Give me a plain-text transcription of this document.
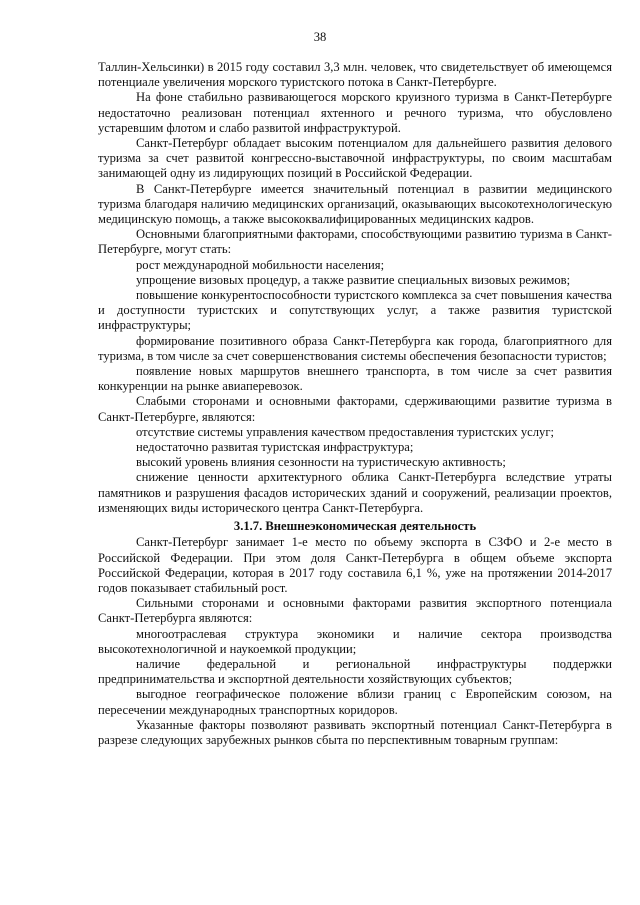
38

Таллин-Хельсинки) в 2015 году составил 3,3 млн. человек, что свидетельствует об имеющемся потенциале увеличения морского туристского потока в Санкт-Петербурге.

На фоне стабильно развивающегося морского круизного туризма в Санкт-Петербурге недостаточно реализован потенциал яхтенного и речного туризма, что обусловлено устаревшим флотом и слабо развитой инфраструктурой.

Санкт-Петербург обладает высоким потенциалом для дальнейшего развития делового туризма за счет развитой конгрессно-выставочной инфраструктуры, по своим масштабам занимающей одну из лидирующих позиций в Российской Федерации.

В Санкт-Петербурге имеется значительный потенциал в развитии медицинского туризма благодаря наличию медицинских организаций, оказывающих высокотехнологическую медицинскую помощь, а также высококвалифицированных медицинских кадров.

Основными благоприятными факторами, способствующими развитию туризма в Санкт-Петербурге, могут стать:

рост международной мобильности населения;

упрощение визовых процедур, а также развитие специальных визовых режимов;

повышение конкурентоспособности туристского комплекса за счет повышения качества и доступности туристских и сопутствующих услуг, а также развития туристской инфраструктуры;

формирование позитивного образа Санкт-Петербурга как города, благоприятного для туризма, в том числе за счет совершенствования системы обеспечения безопасности туристов;

появление новых маршрутов внешнего транспорта, в том числе за счет развития конкуренции на рынке авиаперевозок.

Слабыми сторонами и основными факторами, сдерживающими развитие туризма в Санкт-Петербурге, являются:

отсутствие системы управления качеством предоставления туристских услуг;

недостаточно развитая туристская инфраструктура;

высокий уровень влияния сезонности на туристическую активность;

снижение ценности архитектурного облика Санкт-Петербурга вследствие утраты памятников и разрушения фасадов исторических зданий и сооружений, реализации проектов, изменяющих виды исторического центра Санкт-Петербурга.

3.1.7. Внешнеэкономическая деятельность

Санкт-Петербург занимает 1-е место по объему экспорта в СЗФО и 2-е место в Российской Федерации. При этом доля Санкт-Петербурга в общем объеме экспорта Российской Федерации, которая в 2017 году составила 6,1 %, уже на протяжении 2014-2017 годов показывает стабильный рост.

Сильными сторонами и основными факторами развития экспортного потенциала Санкт-Петербурга являются:

многоотраслевая структура экономики и наличие сектора производства высокотехнологичной и наукоемкой продукции;

наличие федеральной и региональной инфраструктуры поддержки предпринимательства и экспортной деятельности хозяйствующих субъектов;

выгодное географическое положение вблизи границ с Европейским союзом, на пересечении международных транспортных коридоров.

Указанные факторы позволяют развивать экспортный потенциал Санкт-Петербурга в разрезе следующих зарубежных рынков сбыта по перспективным товарным группам:
